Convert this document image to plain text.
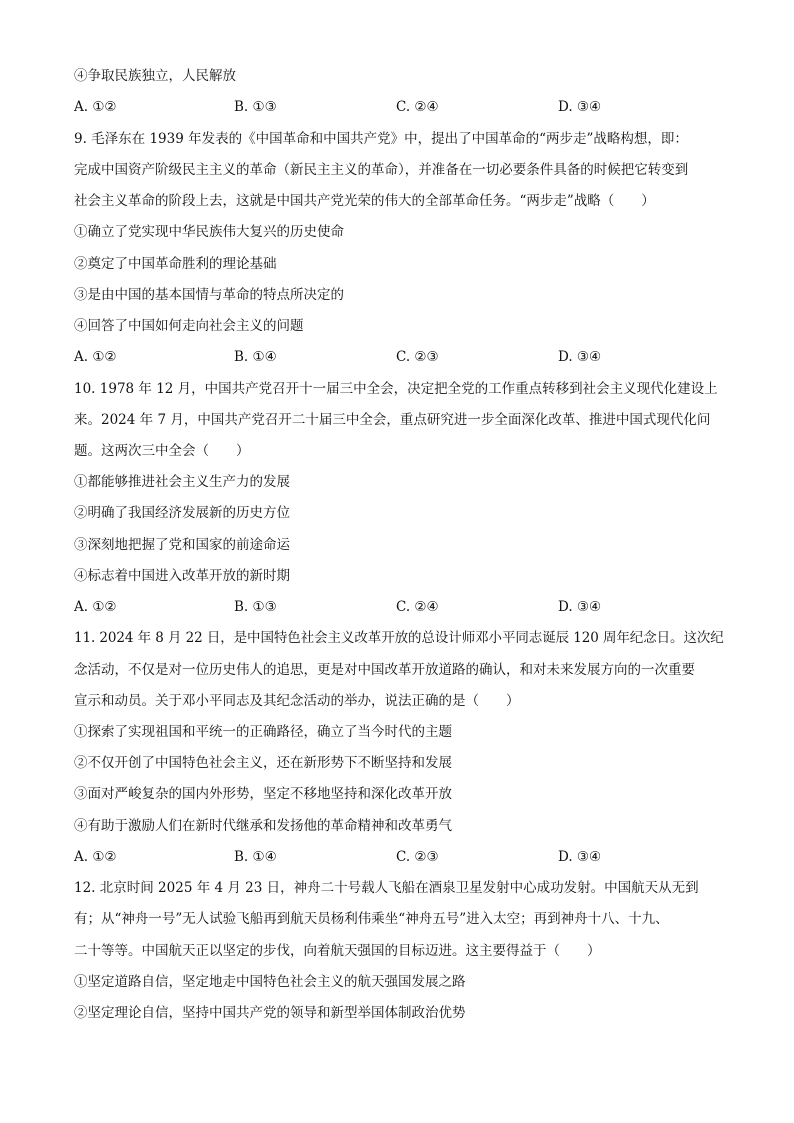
④争取民族独立，人民解放
A. ①②	B. ①③	C. ②④	D. ③④
9. 毛泽东在 1939 年发表的《中国革命和中国共产党》中，提出了中国革命的“两步走”战略构想，即：
完成中国资产阶级民主主义的革命（新民主主义的革命），并准备在一切必要条件具备的时候把它转变到
社会主义革命的阶段上去，这就是中国共产党光荣的伟大的全部革命任务。“两步走”战略（　　）
①确立了党实现中华民族伟大复兴的历史使命
②奠定了中国革命胜利的理论基础
③是由中国的基本国情与革命的特点所决定的
④回答了中国如何走向社会主义的问题
A. ①②	B. ①④	C. ②③	D. ③④
10. 1978 年 12 月，中国共产党召开十一届三中全会，决定把全党的工作重点转移到社会主义现代化建设上
来。2024 年 7 月，中国共产党召开二十届三中全会，重点研究进一步全面深化改革、推进中国式现代化问
题。这两次三中全会（　　）
①都能够推进社会主义生产力的发展
②明确了我国经济发展新的历史方位
③深刻地把握了党和国家的前途命运
④标志着中国进入改革开放的新时期
A. ①②	B. ①③	C. ②④	D. ③④
11. 2024 年 8 月 22 日，是中国特色社会主义改革开放的总设计师邓小平同志诞辰 120 周年纪念日。这次纪
念活动，不仅是对一位历史伟人的追思，更是对中国改革开放道路的确认，和对未来发展方向的一次重要
宣示和动员。关于邓小平同志及其纪念活动的举办，说法正确的是（　　）
①探索了实现祖国和平统一的正确路径，确立了当今时代的主题
②不仅开创了中国特色社会主义，还在新形势下不断坚持和发展
③面对严峻复杂的国内外形势，坚定不移地坚持和深化改革开放
④有助于激励人们在新时代继承和发扬他的革命精神和改革勇气
A. ①②	B. ①④	C. ②③	D. ③④
12. 北京时间 2025 年 4 月 23 日，神舟二十号载人飞船在酒泉卫星发射中心成功发射。中国航天从无到
有；从“神舟一号”无人试验飞船再到航天员杨利伟乘坐“神舟五号”进入太空；再到神舟十八、十九、
二十等等。中国航天正以坚定的步伐，向着航天强国的目标迈进。这主要得益于（　　）
①坚定道路自信，坚定地走中国特色社会主义的航天强国发展之路
②坚定理论自信，坚持中国共产党的领导和新型举国体制政治优势
